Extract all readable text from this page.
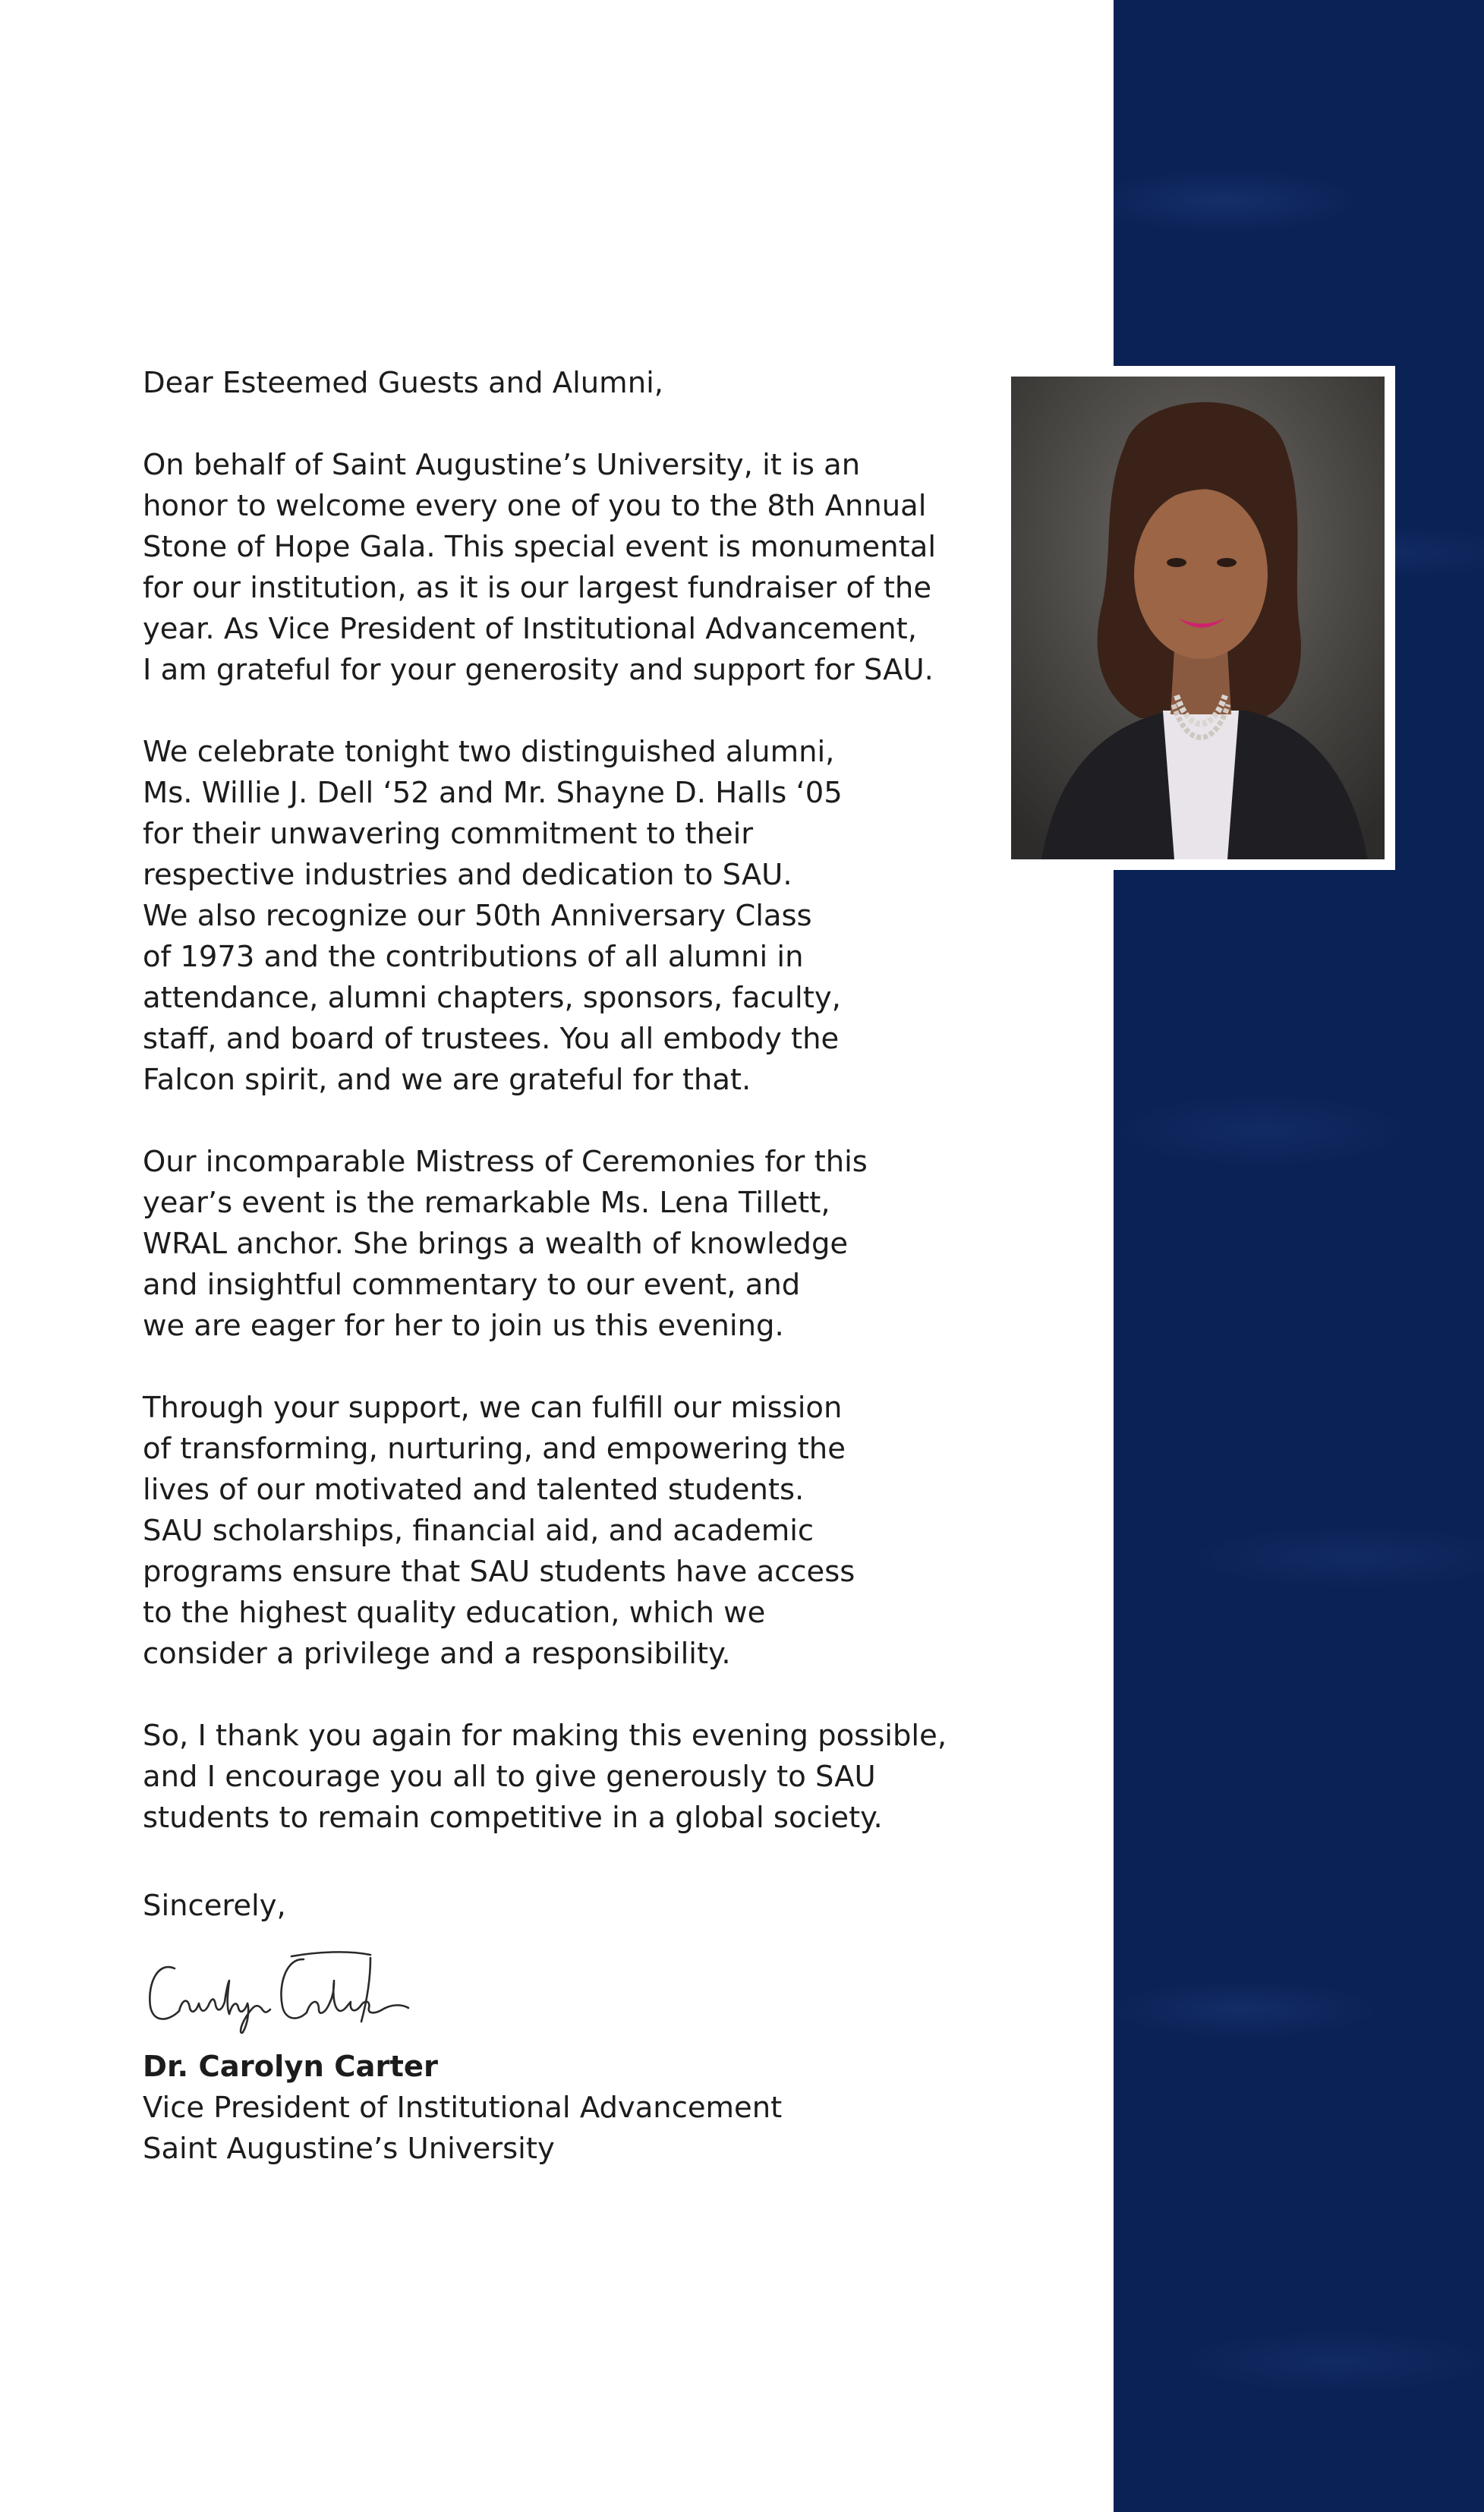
Dear Esteemed Guests and Alumni,

On behalf of Saint Augustine’s University, it is an
honor to welcome every one of you to the 8th Annual
Stone of Hope Gala. This special event is monumental
for our institution, as it is our largest fundraiser of the
year. As Vice President of Institutional Advancement,
I am grateful for your generosity and support for SAU.

We celebrate tonight two distinguished alumni,
Ms. Willie J. Dell ‘52 and Mr. Shayne D. Halls ‘05
for their unwavering commitment to their
respective industries and dedication to SAU.
We also recognize our 50th Anniversary Class
of 1973 and the contributions of all alumni in
attendance, alumni chapters, sponsors, faculty,
staff, and board of trustees. You all embody the
Falcon spirit, and we are grateful for that.

Our incomparable Mistress of Ceremonies for this
year’s event is the remarkable Ms. Lena Tillett,
WRAL anchor. She brings a wealth of knowledge
and insightful commentary to our event, and
we are eager for her to join us this evening.

Through your support, we can fulfill our mission
of transforming, nurturing, and empowering the
lives of our motivated and talented students.
SAU scholarships, financial aid, and academic
programs ensure that SAU students have access
to the highest quality education, which we
consider a privilege and a responsibility.

So, I thank you again for making this evening possible,
and I encourage you all to give generously to SAU
students to remain competitive in a global society.

Sincerely,
Dr. Carolyn Carter
Vice President of Institutional Advancement
Saint Augustine’s University
